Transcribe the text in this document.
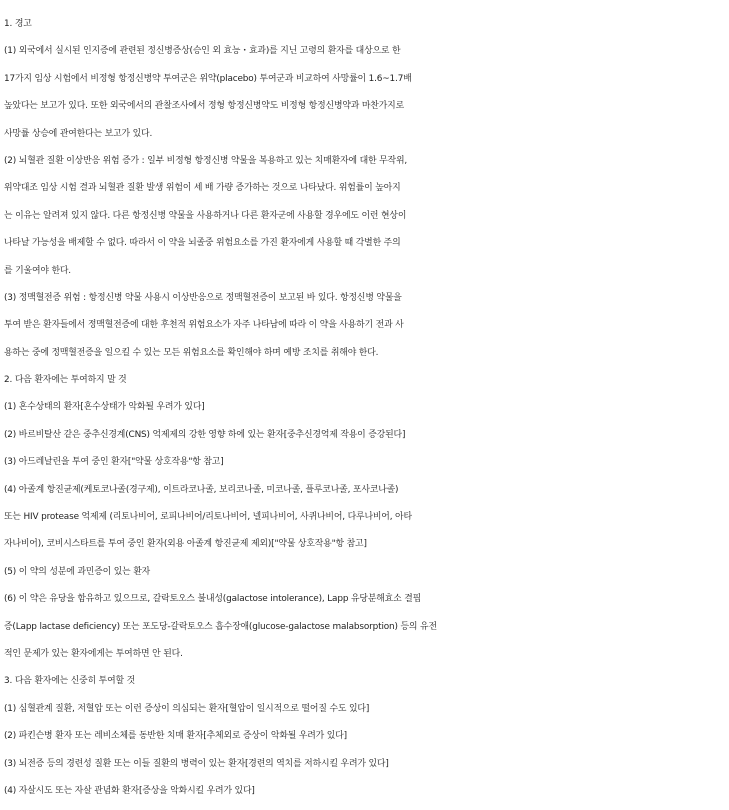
1. 경고
(1) 외국에서 실시된 인지증에 관련된 정신병증상(승인 외 효능・효과)를 지닌 고령의 환자를 대상으로 한
17가지 임상 시험에서 비정형 항정신병약 투여군은 위약(placebo) 투여군과 비교하여 사망률이 1.6~1.7배
높았다는 보고가 있다. 또한 외국에서의 관찰조사에서 정형 항정신병약도 비정형 항정신병약과 마찬가지로
사망률 상승에 관여한다는 보고가 있다.
(2) 뇌혈관 질환 이상반응 위험 증가 : 일부 비정형 항정신병 약물을 복용하고 있는 치매환자에 대한 무작위,
위약대조 임상 시험 결과 뇌혈관 질환 발생 위험이 세 배 가량 증가하는 것으로 나타났다. 위험률이 높아지
는 이유는 알려져 있지 않다. 다른 항정신병 약물을 사용하거나 다른 환자군에 사용할 경우에도 이런 현상이
나타날 가능성을 배제할 수 없다. 따라서 이 약을 뇌졸중 위험요소를 가진 환자에게 사용할 때 각별한 주의
를 기울여야 한다.
(3) 정맥혈전증 위험 : 항정신병 약물 사용시 이상반응으로 정맥혈전증이 보고된 바 있다. 항정신병 약물을
투여 받은 환자들에서 정맥혈전증에 대한 후천적 위험요소가 자주 나타남에 따라 이 약을 사용하기 전과 사
용하는 중에 정맥혈전증을 일으킬 수 있는 모든 위험요소를 확인해야 하며 예방 조치를 취해야 한다.
2. 다음 환자에는 투여하지 말 것
(1) 혼수상태의 환자[혼수상태가 악화될 우려가 있다]
(2) 바르비탈산 같은 중추신경계(CNS) 억제제의 강한 영향 하에 있는 환자[중추신경억제 작용이 증강된다]
(3) 아드레날린을 투여 중인 환자["약물 상호작용"항 참고]
(4) 아졸계 항진균제(케토코나졸(경구제), 이트라코나졸, 보리코나졸, 미코나졸, 플루코나졸, 포사코나졸)
또는 HIV protease 억제제 (리토나비어, 로피나비어/리토나비어, 넬피나비어, 사퀴나비어, 다루나비어, 아타
자나비어), 코비시스타트를 투여 중인 환자(외용 아졸계 항진균제 제외)["약물 상호작용"항 참고]
(5) 이 약의 성분에 과민증이 있는 환자
(6) 이 약은 유당을 함유하고 있으므로, 갈락토오스 불내성(galactose intolerance), Lapp 유당분해효소 결핍
증(Lapp lactase deficiency) 또는 포도당-갈락토오스 흡수장애(glucose-galactose malabsorption) 등의 유전
적인 문제가 있는 환자에게는 투여하면 안 된다.
3. 다음 환자에는 신중히 투여할 것
(1) 심혈관계 질환, 저혈압 또는 이런 증상이 의심되는 환자[혈압이 일시적으로 떨어질 수도 있다]
(2) 파킨슨병 환자 또는 레비소체를 동반한 치매 환자[추체외로 증상이 악화될 우려가 있다]
(3) 뇌전증 등의 경련성 질환 또는 이들 질환의 병력이 있는 환자[경련의 역치를 저하시킬 우려가 있다]
(4) 자살시도 또는 자살 관념화 환자[증상을 악화시킬 우려가 있다]
